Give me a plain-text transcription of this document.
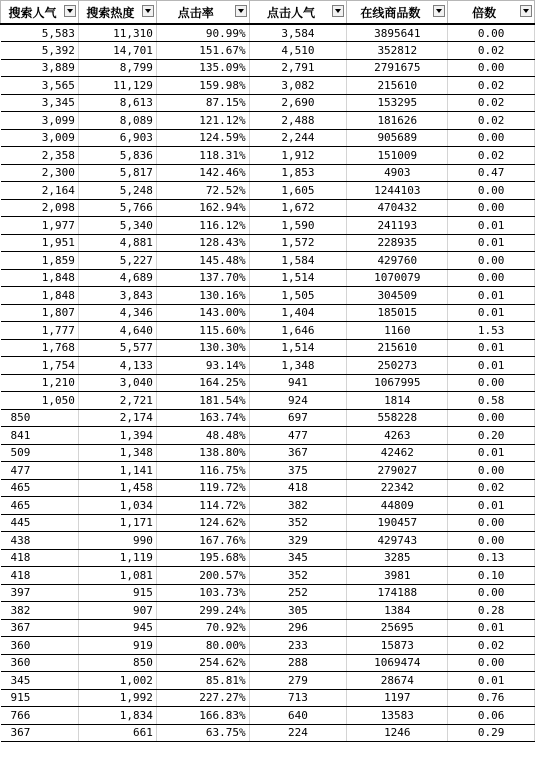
搜索人气	搜索热度	点击率	点击人气	在线商品数	倍数

5,583	11,310	90.99%	3,584	3895641	0.00
5,392	14,701	151.67%	4,510	352812	0.02
3,889	8,799	135.09%	2,791	2791675	0.00
3,565	11,129	159.98%	3,082	215610	0.02
3,345	8,613	87.15%	2,690	153295	0.02
3,099	8,089	121.12%	2,488	181626	0.02
3,009	6,903	124.59%	2,244	905689	0.00
2,358	5,836	118.31%	1,912	151009	0.02
2,300	5,817	142.46%	1,853	4903	0.47
2,164	5,248	72.52%	1,605	1244103	0.00
2,098	5,766	162.94%	1,672	470432	0.00
1,977	5,340	116.12%	1,590	241193	0.01
1,951	4,881	128.43%	1,572	228935	0.01
1,859	5,227	145.48%	1,584	429760	0.00
1,848	4,689	137.70%	1,514	1070079	0.00
1,848	3,843	130.16%	1,505	304509	0.01
1,807	4,346	143.00%	1,404	185015	0.01
1,777	4,640	115.60%	1,646	1160	1.53
1,768	5,577	130.30%	1,514	215610	0.01
1,754	4,133	93.14%	1,348	250273	0.01
1,210	3,040	164.25%	941	1067995	0.00
1,050	2,721	181.54%	924	1814	0.58
850	2,174	163.74%	697	558228	0.00
841	1,394	48.48%	477	4263	0.20
509	1,348	138.80%	367	42462	0.01
477	1,141	116.75%	375	279027	0.00
465	1,458	119.72%	418	22342	0.02
465	1,034	114.72%	382	44809	0.01
445	1,171	124.62%	352	190457	0.00
438	990	167.76%	329	429743	0.00
418	1,119	195.68%	345	3285	0.13
418	1,081	200.57%	352	3981	0.10
397	915	103.73%	252	174188	0.00
382	907	299.24%	305	1384	0.28
367	945	70.92%	296	25695	0.01
360	919	80.00%	233	15873	0.02
360	850	254.62%	288	1069474	0.00
345	1,002	85.81%	279	28674	0.01
915	1,992	227.27%	713	1197	0.76
766	1,834	166.83%	640	13583	0.06
367	661	63.75%	224	1246	0.29
